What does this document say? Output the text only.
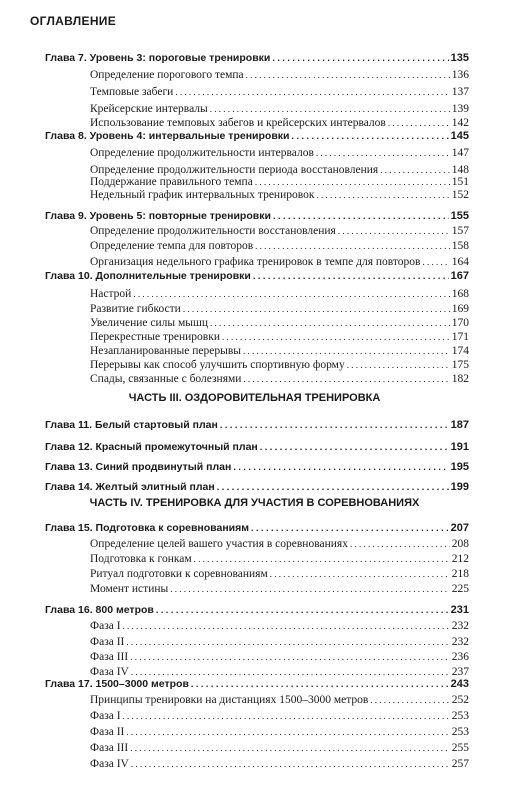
ОГЛАВЛЕНИЕ
Глава 7. Уровень 3: пороговые тренировки . . .	135
Определение порогового темпа . . .	136
Темповые забеги . . .	137
Крейсерские интервалы . . .	139
Использование темповых забегов и крейсерских интервалов . . .	142
Глава 8. Уровень 4: интервальные тренировки . . .	145
Определение продолжительности интервалов . . .	147
Определение продолжительности периода восстановления . . .	148
Поддержание правильного темпа . . .	151
Недельный график интервальных тренировок . . .	152
Глава 9. Уровень 5: повторные тренировки . . .	155
Определение продолжительности восстановления . . .	157
Определение темпа для повторов . . .	158
Организация недельного графика тренировок в темпе для повторов . . .	164
Глава 10. Дополнительные тренировки . . .	167
Настрой . . .	168
Развитие гибкости . . .	169
Увеличение силы мышц . . .	170
Перекрестные тренировки . . .	171
Незапланированные перерывы . . .	174
Перерывы как способ улучшить спортивную форму . . .	175
Спады, связанные с болезнями . . .	182
Глава 11. Белый стартовый план . . .	187
Глава 12. Красный промежуточный план . . .	191
Глава 13. Синий продвинутый план . . .	195
Глава 14. Желтый элитный план . . .	199
Глава 15. Подготовка к соревнованиям . . .	207
Определение целей вашего участия в соревнованиях . . .	208
Подготовка к гонкам . . .	212
Ритуал подготовки к соревнованиям . . .	218
Момент истины . . .	225
Глава 16. 800 метров . . .	231
Фаза I . . .	232
Фаза II . . .	232
Фаза III . . .	236
Фаза IV . . .	237
ЧАСТЬ III. ОЗДОРОВИТЕЛЬНАЯ ТРЕНИРОВКА
ЧАСТЬ IV. ТРЕНИРОВКА ДЛЯ УЧАСТИЯ В СОРЕВНОВАНИЯХ
Глава 17. 1500–3000 метров . . .	243
Принципы тренировки на дистанциях 1500–3000 метров . . .	252
Фаза I . . .	253
Фаза II . . .	253
Фаза III . . .	255
Фаза IV . . .	257
